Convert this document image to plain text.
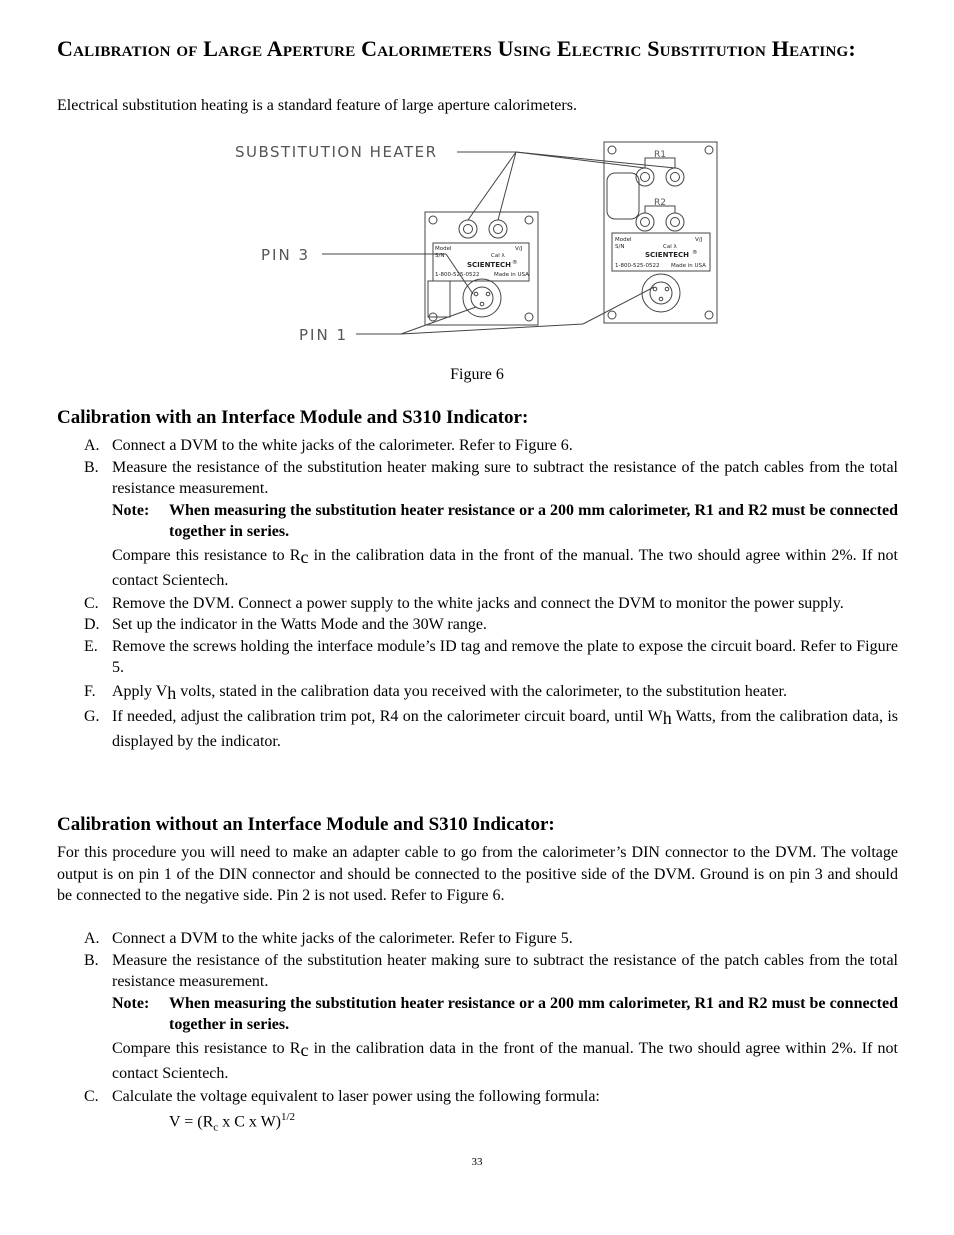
Calibration of Large Aperture Calorimeters Using Electric Substitution Heating:

Electrical substitution heating is a standard feature of large aperture calorimeters.

SUBSTITUTION HEATER
PIN 3
PIN 1
R1
R2
Model
S/N	Cal λ
V/J
SCIENTECH ®
1-800-525-0522	Made in USA
Model
S/N	Cal λ
V/J
SCIENTECH ®
1-800-525-0522 Made in USA

Figure 6

Calibration with an Interface Module and S310 Indicator:
A. Connect a DVM to the white jacks of the calorimeter. Refer to Figure 6.
B. Measure the resistance of the substitution heater making sure to subtract the resistance of the patch cables from the total resistance measurement.
Note: When measuring the substitution heater resistance or a 200 mm calorimeter, R1 and R2 must be connected together in series.
Compare this resistance to Rc in the calibration data in the front of the manual. The two should agree within 2%. If not contact Scientech.
C. Remove the DVM. Connect a power supply to the white jacks and connect the DVM to monitor the power supply.
D. Set up the indicator in the Watts Mode and the 30W range.
E. Remove the screws holding the interface module’s ID tag and remove the plate to expose the circuit board. Refer to Figure 5.
F. Apply Vh volts, stated in the calibration data you received with the calorimeter, to the substitution heater.
G. If needed, adjust the calibration trim pot, R4 on the calorimeter circuit board, until Wh Watts, from the calibration data, is displayed by the indicator.
Calibration without an Interface Module and S310 Indicator:

For this procedure you will need to make an adapter cable to go from the calorimeter’s DIN connector to the DVM. The voltage output is on pin 1 of the DIN connector and should be connected to the positive side of the DVM. Ground is on pin 3 and should be connected to the negative side. Pin 2 is not used. Refer to Figure 6.

A. Connect a DVM to the white jacks of the calorimeter. Refer to Figure 5.
B. Measure the resistance of the substitution heater making sure to subtract the resistance of the patch cables from the total resistance measurement.
Note: When measuring the substitution heater resistance or a 200 mm calorimeter, R1 and R2 must be connected together in series.
Compare this resistance to Rc in the calibration data in the front of the manual. The two should agree within 2%. If not contact Scientech.
C. Calculate the voltage equivalent to laser power using the following formula:
$V = (R_c$ x C x W)$^{1/2}$

33
